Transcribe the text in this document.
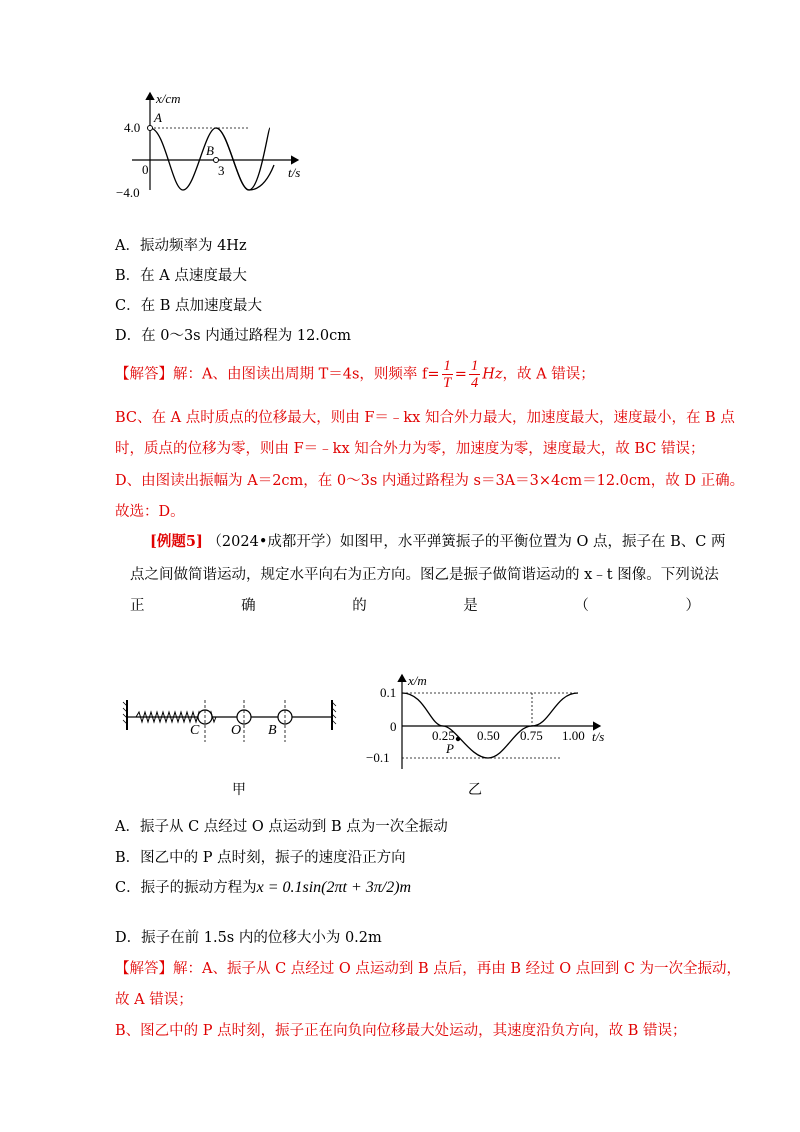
x/cm
t/s
4.0
−4.0
0	3
A
B
A．振动频率为 4Hz
B．在 A 点速度最大
C．在 B 点加速度最大
D．在 0～3s 内通过路程为 12.0cm
【解答】解：A、由图读出周期 T＝4s，则频率 $f= \frac{1}{T} = \frac{1}{4}$ Hz，故 A 错误；
BC、在 A 点时质点的位移最大，则由 F＝﹣kx 知合外力最大，加速度最大，速度最小，在 B 点
时，质点的位移为零，则由 F＝﹣kx 知合外力为零，加速度为零，速度最大，故 BC 错误；
D、由图读出振幅为 A＝2cm，在 0～3s 内通过路程为 s＝3A＝3×4cm＝12.0cm，故 D 正确。
故选：D。
[例题5] （2024•成都开学）如图甲，水平弹簧振子的平衡位置为 O 点，振子在 B、C 两
点之间做简谐运动，规定水平向右为正方向。图乙是振子做简谐运动的 x﹣t 图像。下列说法
正	确	的	是	（	）
C O B
甲
x/m
t/s
0.1
0
−0.1
0.25 0.50 0.75 1.00
P
乙
A．振子从 C 点经过 O 点运动到 B 点为一次全振动
B．图乙中的 P 点时刻，振子的速度沿正方向
C．振子的振动方程为x = 0.1sin(2πt + 3π/2)m
D．振子在前 1.5s 内的位移大小为 0.2m
【解答】解：A、振子从 C 点经过 O 点运动到 B 点后，再由 B 经过 O 点回到 C 为一次全振动，
故 A 错误；
B、图乙中的 P 点时刻，振子正在向负向位移最大处运动，其速度沿负方向，故 B 错误；
